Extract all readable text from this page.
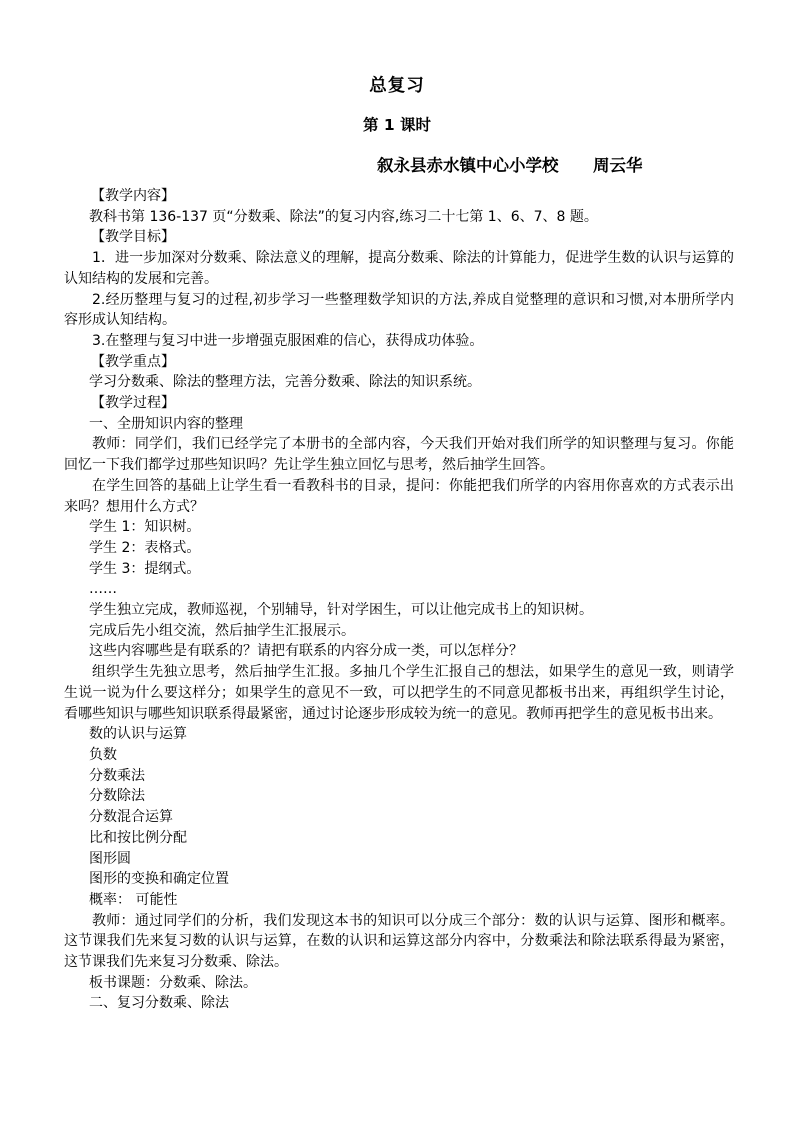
总复习
第 1 课时
叙永县赤水镇中心小学校      周云华

【教学内容】

教科书第 136-137 页“分数乘、除法”的复习内容,练习二十七第 1、6、7、8 题。

【教学目标】

1．进一步加深对分数乘、除法意义的理解，提高分数乘、除法的计算能力，促进学生数的认识与运算的认知结构的发展和完善。

2.经历整理与复习的过程,初步学习一些整理数学知识的方法,养成自觉整理的意识和习惯,对本册所学内容形成认知结构。

3.在整理与复习中进一步增强克服困难的信心，获得成功体验。

【教学重点】

学习分数乘、除法的整理方法，完善分数乘、除法的知识系统。

【教学过程】

一、全册知识内容的整理

教师：同学们，我们已经学完了本册书的全部内容，今天我们开始对我们所学的知识整理与复习。你能回忆一下我们都学过那些知识吗？先让学生独立回忆与思考，然后抽学生回答。

在学生回答的基础上让学生看一看教科书的目录，提问：你能把我们所学的内容用你喜欢的方式表示出来吗？想用什么方式？

学生 1：知识树。

学生 2：表格式。

学生 3：提纲式。

……

学生独立完成，教师巡视，个别辅导，针对学困生，可以让他完成书上的知识树。

完成后先小组交流，然后抽学生汇报展示。

这些内容哪些是有联系的？请把有联系的内容分成一类，可以怎样分？

组织学生先独立思考，然后抽学生汇报。多抽几个学生汇报自己的想法，如果学生的意见一致，则请学生说一说为什么要这样分；如果学生的意见不一致，可以把学生的不同意见都板书出来，再组织学生讨论，看哪些知识与哪些知识联系得最紧密，通过讨论逐步形成较为统一的意见。教师再把学生的意见板书出来。

数的认识与运算

负数

分数乘法

分数除法

分数混合运算

比和按比例分配

图形圆

图形的变换和确定位置

概率： 可能性

教师：通过同学们的分析，我们发现这本书的知识可以分成三个部分：数的认识与运算、图形和概率。这节课我们先来复习数的认识与运算，在数的认识和运算这部分内容中，分数乘法和除法联系得最为紧密，这节课我们先来复习分数乘、除法。

板书课题：分数乘、除法。

二、复习分数乘、除法
